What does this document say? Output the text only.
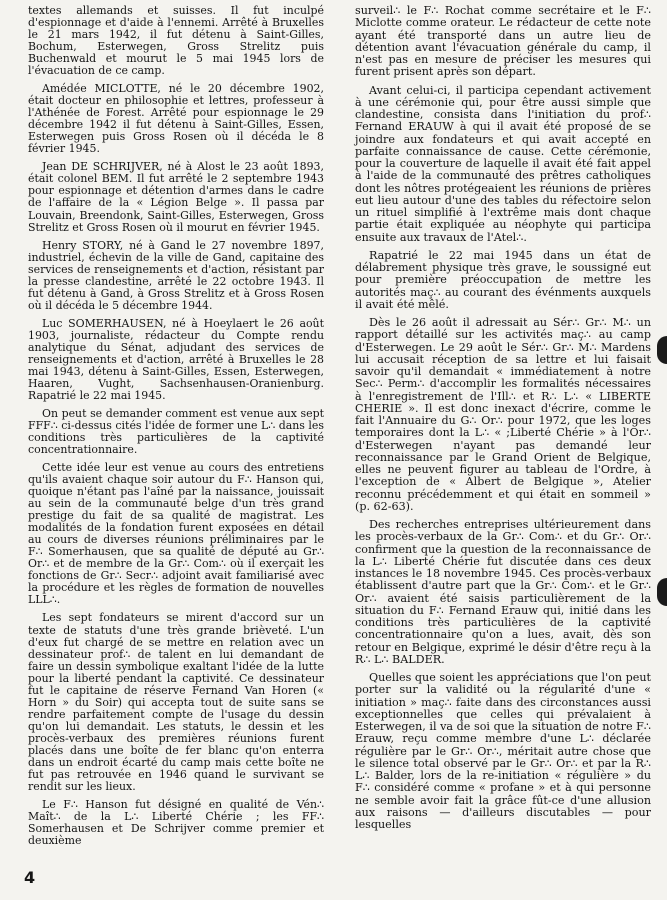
textes allemands et suisses. Il fut inculpé d'espionnage et d'aide à l'ennemi. Arrêté à Bruxelles le 21 mars 1942, il fut détenu à Saint-Gilles, Bochum, Esterwegen, Gross Strelitz puis Buchenwald et mourut le 5 mai 1945 lors de l'évacuation de ce camp.

Amédée MICLOTTE, né le 20 décembre 1902, était docteur en philosophie et lettres, professeur à l'Athénée de Forest. Arrêté pour espionnage le 29 décembre 1942 il fut détenu à Saint-Gilles, Essen, Esterwegen puis Gross Rosen où il décéda le 8 février 1945.

Jean DE SCHRIJVER, né à Alost le 23 août 1893, était colonel BEM. Il fut arrêté le 2 septembre 1943 pour espionnage et détention d'armes dans le cadre de l'affaire de la « Légion Belge ». Il passa par Louvain, Breendonk, Saint-Gilles, Esterwegen, Gross Strelitz et Gross Rosen où il mourut en février 1945.

Henry STORY, né à Gand le 27 novembre 1897, industriel, échevin de la ville de Gand, capitaine des services de renseignements et d'action, résistant par la presse clandestine, arrêté le 22 octobre 1943. Il fut détenu à Gand, à Gross Strelitz et à Gross Rosen où il décéda le 5 décembre 1944.

Luc SOMERHAUSEN, né à Hoeylaert le 26 août 1903, journaliste, rédacteur du Compte rendu analytique du Sénat, adjudant des services de renseignements et d'action, arrêté à Bruxelles le 28 mai 1943, détenu à Saint-Gilles, Essen, Esterwegen, Haaren, Vught, Sachsenhausen-Oranienburg. Rapatrié le 22 mai 1945.

On peut se demander comment est venue aux sept FFF∴ ci-dessus cités l'idée de former une L∴ dans les conditions très particulières de la captivité concentrationnaire.

Cette idée leur est venue au cours des entretiens qu'ils avaient chaque soir autour du F∴ Hanson qui, quoique n'étant pas l'aîné par la naissance, jouissait au sein de la communauté belge d'un très grand prestige du fait de sa qualité de magistrat. Les modalités de la fondation furent exposées en détail au cours de diverses réunions préliminaires par le F∴ Somerhausen, que sa qualité de député au Gr∴ Or∴ et de membre de la Gr∴ Com∴ où il exerçait les fonctions de Gr∴ Secr∴ adjoint avait familiarisé avec la procédure et les règles de formation de nouvelles LLL∴.

Les sept fondateurs se mirent d'accord sur un texte de statuts d'une très grande brièveté. L'un d'eux fut chargé de se mettre en relation avec un dessinateur prof∴ de talent en lui demandant de faire un dessin symbolique exaltant l'idée de la lutte pour la liberté pendant la captivité. Ce dessinateur fut le capitaine de réserve Fernand Van Horen (« Horn » du Soir) qui accepta tout de suite sans se rendre parfaitement compte de l'usage du dessin qu'on lui demandait. Les statuts, le dessin et les procès-verbaux des premières réunions furent placés dans une boîte de fer blanc qu'on enterra dans un endroit écarté du camp mais cette boîte ne fut pas retrouvée en 1946 quand le survivant se rendit sur les lieux.

Le F∴ Hanson fut désigné en qualité de Vén∴ Maît∴ de la L∴ Liberté Chérie ; les FF∴ Somerhausen et De Schrijver comme premier et deuxième

surveil∴ le F∴ Rochat comme secrétaire et le F∴ Miclotte comme orateur. Le rédacteur de cette note ayant été transporté dans un autre lieu de détention avant l'évacuation générale du camp, il n'est pas en mesure de préciser les mesures qui furent prisent après son départ.

Avant celui-ci, il participa cependant activement à une cérémonie qui, pour être aussi simple que clandestine, consista dans l'initiation du prof∴ Fernand ERAUW à qui il avait été proposé de se joindre aux fondateurs et qui avait accepté en parfaite connaissance de cause. Cette cérémonie, pour la couverture de laquelle il avait été fait appel à l'aide de la communauté des prêtres catholiques dont les nôtres protégeaient les réunions de prières eut lieu autour d'une des tables du réfectoire selon un rituel simplifié à l'extrême mais dont chaque partie était expliquée au néophyte qui participa ensuite aux travaux de l'Atel∴.

Rapatrié le 22 mai 1945 dans un état de délabrement physique très grave, le soussigné eut pour première préoccupation de mettre les autorités maç∴ au courant des événments auxquels il avait été mêlé.

Dès le 26 août il adressait au Sér∴ Gr∴ M∴ un rapport détaillé sur les activités maç∴ au camp d'Esterwegen. Le 29 août le Sér∴ Gr∴ M∴ Mardens lui accusait réception de sa lettre et lui faisait savoir qu'il demandait « immédiatement à notre Sec∴ Perm∴ d'accomplir les formalités nécessaires à l'enregistrement de l'Ill∴ et R∴ L∴ « LIBERTE CHERIE ». Il est donc inexact d'écrire, comme le fait l'Annuaire du G∴ Or∴ pour 1972, que les loges temporaires dont la L∴ « ;Liberté Chérie » à l'Or∴ d'Esterwegen n'ayant pas demandé leur reconnaissance par le Grand Orient de Belgique, elles ne peuvent figurer au tableau de l'Ordre, à l'exception de « Albert de Belgique », Atelier reconnu précédemment et qui était en sommeil » (p. 62-63).

Des recherches entreprises ultérieurement dans les procès-verbaux de la Gr∴ Com∴ et du Gr∴ Or∴ confirment que la question de la reconnaissance de la L∴ Liberté Chérie fut discutée dans ces deux instances le 18 novembre 1945. Ces procès-verbaux établissent d'autre part que la Gr∴ Com∴ et le Gr∴ Or∴ avaient été saisis particulièrement de la situation du F∴ Fernand Erauw qui, initié dans les conditions très particulières de la captivité concentrationnaire qu'on a lues, avait, dès son retour en Belgique, exprimé le désir d'être reçu à la R∴ L∴ BALDER.

Quelles que soient les appréciations que l'on peut porter sur la validité ou la régularité d'une « initiation » maç∴ faite dans des circonstances aussi exceptionnelles que celles qui prévalaient à Esterwegen, il va de soi que la situation de notre F∴ Erauw, reçu comme membre d'une L∴ déclarée régulière par le Gr∴ Or∴, méritait autre chose que le silence total observé par le Gr∴ Or∴ et par la R∴ L∴ Balder, lors de la re-initiation « régulière » du F∴ considéré comme « profane » et à qui personne ne semble avoir fait la grâce fût-ce d'une allusion aux raisons — d'ailleurs discutables — pour lesquelles

4
